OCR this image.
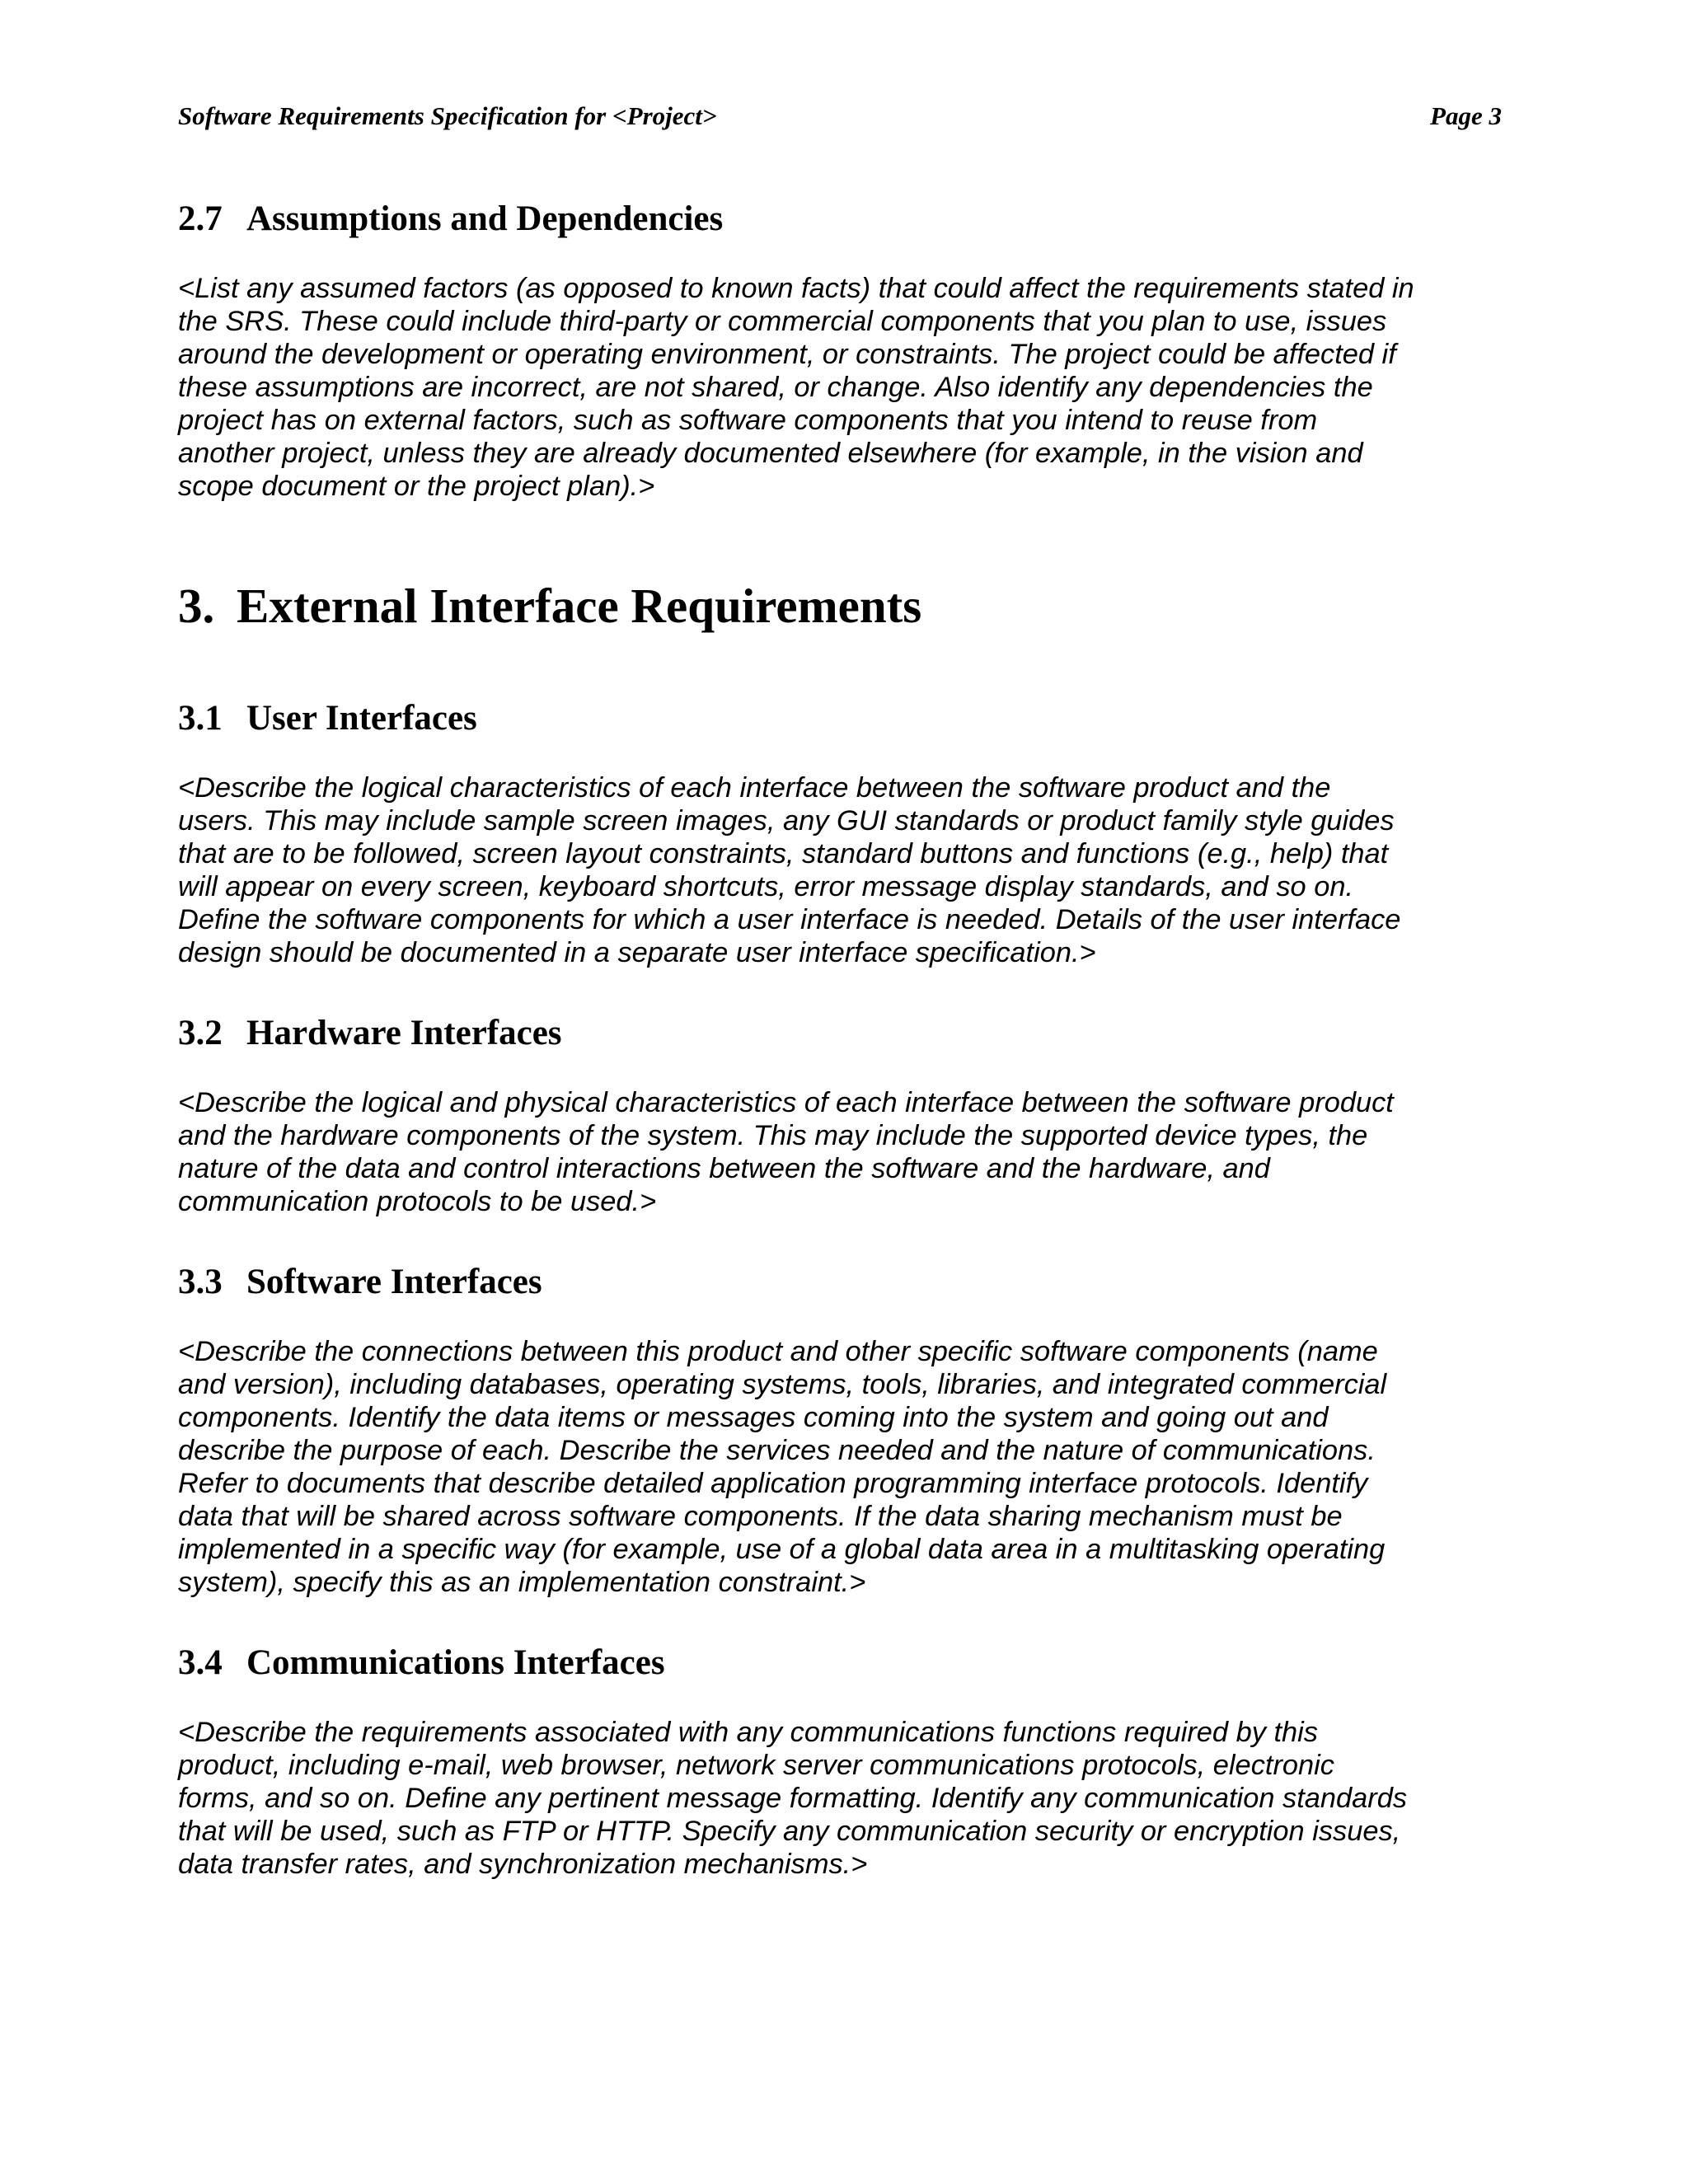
Software Requirements Specification for <Project>	Page 3
2.7 Assumptions and Dependencies

<List any assumed factors (as opposed to known facts) that could affect the requirements stated in
the SRS. These could include third-party or commercial components that you plan to use, issues
around the development or operating environment, or constraints. The project could be affected if
these assumptions are incorrect, are not shared, or change. Also identify any dependencies the
project has on external factors, such as software components that you intend to reuse from
another project, unless they are already documented elsewhere (for example, in the vision and
scope document or the project plan).>

3. External Interface Requirements
3.1 User Interfaces

<Describe the logical characteristics of each interface between the software product and the
users. This may include sample screen images, any GUI standards or product family style guides
that are to be followed, screen layout constraints, standard buttons and functions (e.g., help) that
will appear on every screen, keyboard shortcuts, error message display standards, and so on.
Define the software components for which a user interface is needed. Details of the user interface
design should be documented in a separate user interface specification.>

3.2 Hardware Interfaces

<Describe the logical and physical characteristics of each interface between the software product
and the hardware components of the system. This may include the supported device types, the
nature of the data and control interactions between the software and the hardware, and
communication protocols to be used.>

3.3 Software Interfaces

<Describe the connections between this product and other specific software components (name
and version), including databases, operating systems, tools, libraries, and integrated commercial
components. Identify the data items or messages coming into the system and going out and
describe the purpose of each. Describe the services needed and the nature of communications.
Refer to documents that describe detailed application programming interface protocols. Identify
data that will be shared across software components. If the data sharing mechanism must be
implemented in a specific way (for example, use of a global data area in a multitasking operating
system), specify this as an implementation constraint.>

3.4 Communications Interfaces

<Describe the requirements associated with any communications functions required by this
product, including e-mail, web browser, network server communications protocols, electronic
forms, and so on. Define any pertinent message formatting. Identify any communication standards
that will be used, such as FTP or HTTP. Specify any communication security or encryption issues,
data transfer rates, and synchronization mechanisms.>
